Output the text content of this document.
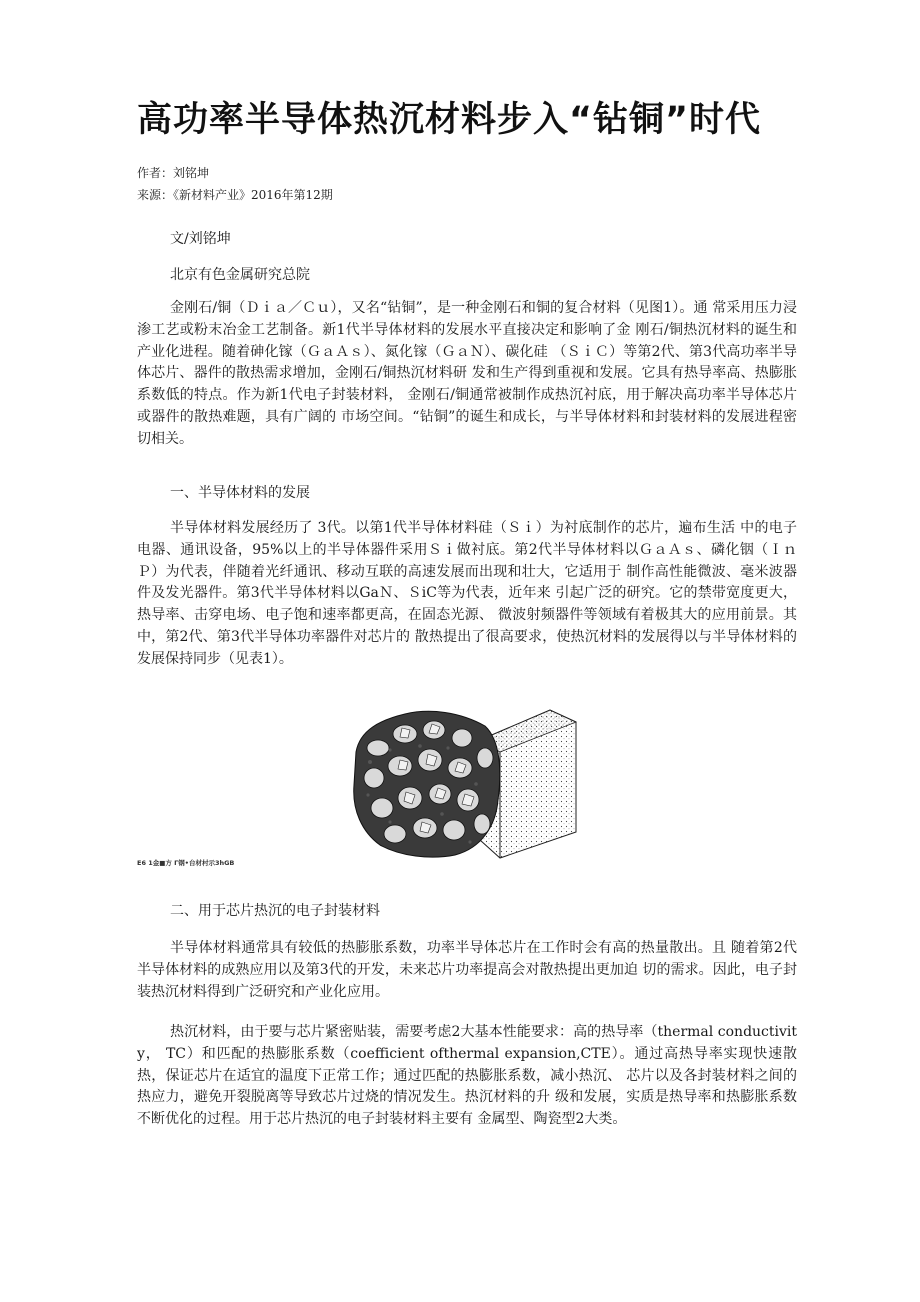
高功率半导体热沉材料步入“钻铜”时代
作者：刘铭坤
来源：《新材料产业》2016年第12期
文/刘铭坤
北京有色金属研究总院

金刚石/铜（Ｄｉａ／Ｃｕ），又名“钻铜”，是一种金刚石和铜的复合材料（见图1）。通 常采用压力浸渗工艺或粉末冶金工艺制备。新1代半导体材料的发展水平直接决定和影响了金 刚石/铜热沉材料的诞生和产业化进程。随着砷化镓（ＧａＡｓ）、氮化镓（ＧａＮ）、碳化硅 （ＳｉＣ）等第2代、第3代高功率半导体芯片、器件的散热需求增加，金刚石/铜热沉材料研 发和生产得到重视和发展。它具有热导率高、热膨胀系数低的特点。作为新1代电子封装材料， 金刚石/铜通常被制作成热沉衬底，用于解决高功率半导体芯片或器件的散热难题，具有广阔的 市场空间。“钻铜”的诞生和成长，与半导体材料和封装材料的发展进程密切相关。

一、半导体材料的发展

半导体材料发展经历了 3代。以第1代半导体材料硅（Ｓｉ）为衬底制作的芯片，遍布生活 中的电子电器、通讯设备，95%以上的半导体器件采用Ｓｉ做衬底。第2代半导体材料以ＧａＡｓ、磷化铟（ＩｎＰ）为代表，伴随着光纤通讯、移动互联的高速发展而出现和壮大，它适用于 制作高性能微波、毫米波器件及发光器件。第3代半导体材料以GaＮ、ＳiC等为代表，近年来 引起广泛的研究。它的禁带宽度更大，热导率、击穿电场、电子饱和速率都更高，在固态光源、 微波射频器件等领域有着极其大的应用前景。其中，第2代、第3代半导体功率器件对芯片的 散热提出了很高要求，使热沉材料的发展得以与半导体材料的发展保持同步（见表1）。

E6 1金■方 Γ钢•台材村示3hGB
二、用于芯片热沉的电子封装材料

半导体材料通常具有较低的热膨胀系数，功率半导体芯片在工作时会有高的热量散出。且 随着第2代半导体材料的成熟应用以及第3代的开发，未来芯片功率提高会对散热提出更加迫 切的需求。因此，电子封装热沉材料得到广泛研究和产业化应用。

热沉材料，由于要与芯片紧密贴装，需要考虑2大基本性能要求：高的热导率（thermal conductivity， TC）和匹配的热膨胀系数（coefficient ofthermal expansion,CTE）。通过高热导率实现快速散热，保证芯片在适宜的温度下正常工作；通过匹配的热膨胀系数，减小热沉、 芯片以及各封装材料之间的热应力，避免开裂脱离等导致芯片过烧的情况发生。热沉材料的升 级和发展，实质是热导率和热膨胀系数不断优化的过程。用于芯片热沉的电子封装材料主要有 金属型、陶瓷型2大类。
